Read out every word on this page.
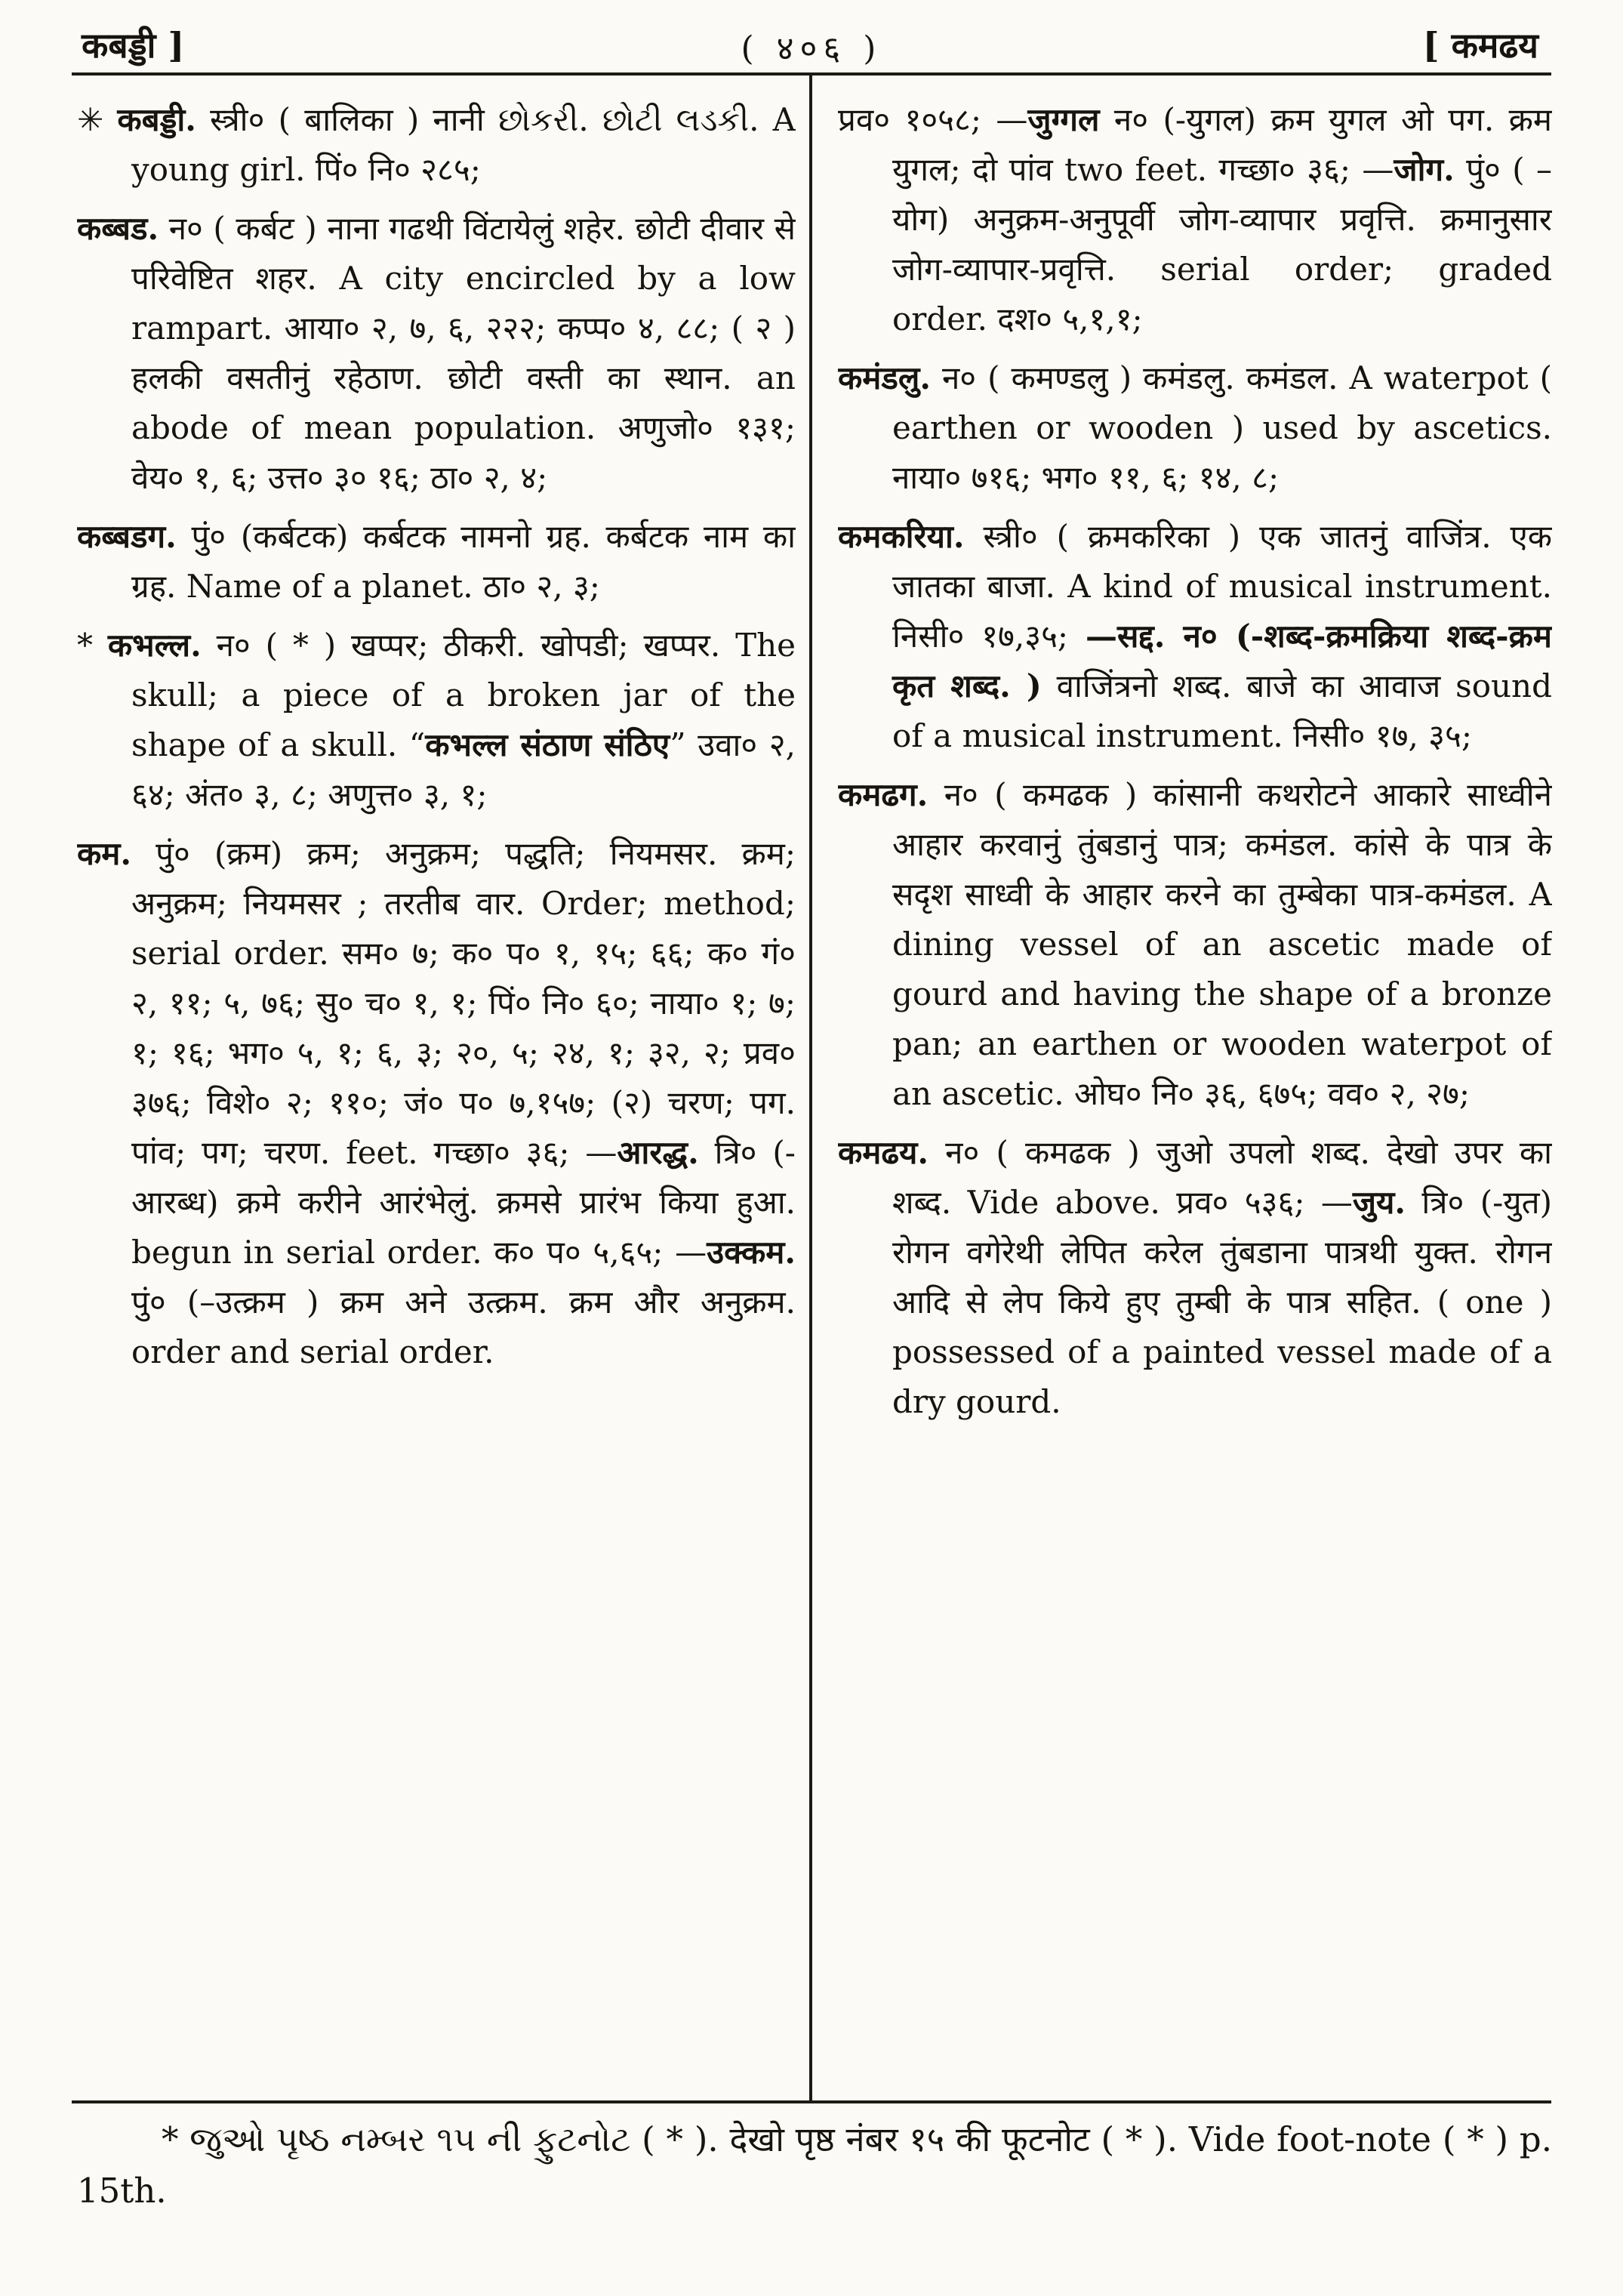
कबड्डी ]	( ४०६ )	[ कमढय

✳ कबड्डी. स्त्री० ( बालिका ) नानी છોકરી. છોટી લડકી. A young girl. पिं० नि० २८५;

कब्बड. न० ( कर्बट ) नाना गढथी विंटायेलुं शहेर. छोटी दीवार से परिवेष्टित शहर. A city encircled by a low rampart. आया० २, ७, ६, २२२; कप्प० ४, ८८; ( २ ) हलकी वसतीनुं रहेठाण. छोटी वस्ती का स्थान. an abode of mean population. अणुजो० १३१; वेय० १, ६; उत्त० ३० १६; ठा० २, ४;

कब्बडग. पुं० (कर्बटक) कर्बटक नामनो ग्रह. कर्बटक नाम का ग्रह. Name of a planet. ठा० २, ३;

* कभल्ल. न० ( * ) खप्पर; ठीकरी. खोपडी; खप्पर. The skull; a piece of a broken jar of the shape of a skull. “कभल्ल संठाण संठिए” उवा० २, ६४; अंत० ३, ८; अणुत्त० ३, १;

कम. पुं० (क्रम) क्रम; अनुक्रम; पद्धति; नियमसर. क्रम; अनुक्रम; नियमसर ; तरतीब वार. Order; method; serial order. सम० ७; क० प० १, १५; ६६; क० गं० २, ११; ५, ७६; सु० च० १, १; पिं० नि० ६०; नाया० १; ७; १; १६; भग० ५, १; ६, ३; २०, ५; २४, १; ३२, २; प्रव० ३७६; विशे० २; ११०; जं० प० ७,१५७; (२) चरण; पग. पांव; पग; चरण. feet. गच्छा० ३६; —आरद्ध. त्रि० (-आरब्ध) क्रमे करीने आरंभेलुं. क्रमसे प्रारंभ किया हुआ. begun in serial order. क० प० ५,६५; —उक्कम. पुं० (–उत्क्रम ) क्रम अने उत्क्रम. क्रम और अनुक्रम. order and serial order.

प्रव० १०५८; —जुग्गल न० (-युगल) क्रम युगल ओ पग. क्रम युगल; दो पांव two feet. गच्छा० ३६; —जोग. पुं० ( –योग) अनुक्रम-अनुपूर्वी जोग-व्यापार प्रवृत्ति. क्रमानुसार जोग-व्यापार-प्रवृत्ति. serial order; graded order. दश० ५,१,१;

कमंडलु. न० ( कमण्डलु ) कमंडलु. कमंडल. A waterpot ( earthen or wooden ) used by ascetics. नाया० ७१६; भग० ११, ६; १४, ८;

कमकरिया. स्त्री० ( क्रमकरिका ) एक जातनुं वाजिंत्र. एक जातका बाजा. A kind of musical instrument. निसी० १७,३५; —सद्द. न० (-शब्द-क्रमक्रिया शब्द-क्रम कृत शब्द. ) वाजिंत्रनो शब्द. बाजे का आवाज sound of a musical instrument. निसी० १७, ३५;

कमढग. न० ( कमढक ) कांसानी कथरोटने आकारे साध्वीने आहार करवानुं तुंबडानुं पात्र; कमंडल. कांसे के पात्र के सदृश साध्वी के आहार करने का तुम्बेका पात्र-कमंडल. A dining vessel of an ascetic made of gourd and having the shape of a bronze pan; an earthen or wooden waterpot of an ascetic. ओघ० नि० ३६, ६७५; वव० २, २७;

कमढय. न० ( कमढक ) जुओ उपलो शब्द. देखो उपर का शब्द. Vide above. प्रव० ५३६; —जुय. त्रि० (-युत) रोगन वगेरेथी लेपित करेल तुंबडाना पात्रथी युक्त. रोगन आदि से लेप किये हुए तुम्बी के पात्र सहित. ( one ) possessed of a painted vessel made of a dry gourd.

* જુઓ પૃષ્ઠ નમ્બર ૧૫ ની ફુટનોટ ( * ). देखो पृष्ठ नंबर १५ की फूटनोट ( * ). Vide foot-note ( * ) p. 15th.
